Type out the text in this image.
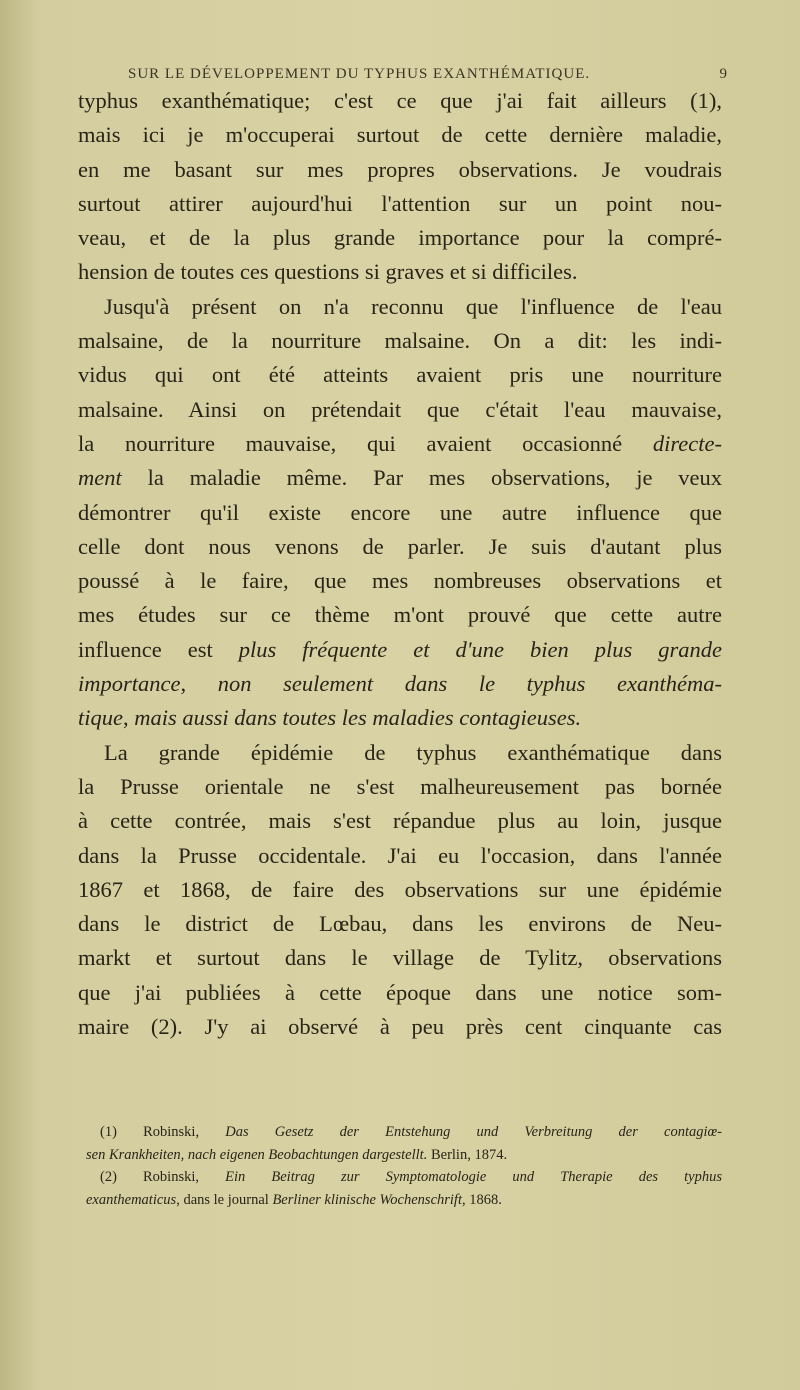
SUR LE DÉVELOPPEMENT DU TYPHUS EXANTHÉMATIQUE.	9
typhus exanthématique; c'est ce que j'ai fait ailleurs (1),
mais ici je m'occuperai surtout de cette dernière maladie,
en me basant sur mes propres observations. Je voudrais
surtout attirer aujourd'hui l'attention sur un point nou-
veau, et de la plus grande importance pour la compré-
hension de toutes ces questions si graves et si difficiles.
Jusqu'à présent on n'a reconnu que l'influence de l'eau
malsaine, de la nourriture malsaine. On a dit: les indi-
vidus qui ont été atteints avaient pris une nourriture
malsaine. Ainsi on prétendait que c'était l'eau mauvaise,
la nourriture mauvaise, qui avaient occasionné directe-
ment la maladie même. Par mes observations, je veux
démontrer qu'il existe encore une autre influence que
celle dont nous venons de parler. Je suis d'autant plus
poussé à le faire, que mes nombreuses observations et
mes études sur ce thème m'ont prouvé que cette autre
influence est plus fréquente et d'une bien plus grande
importance, non seulement dans le typhus exanthéma-
tique, mais aussi dans toutes les maladies contagieuses.
La grande épidémie de typhus exanthématique dans
la Prusse orientale ne s'est malheureusement pas bornée
à cette contrée, mais s'est répandue plus au loin, jusque
dans la Prusse occidentale. J'ai eu l'occasion, dans l'année
1867 et 1868, de faire des observations sur une épidémie
dans le district de Lœbau, dans les environs de Neu-
markt et surtout dans le village de Tylitz, observations
que j'ai publiées à cette époque dans une notice som-
maire (2). J'y ai observé à peu près cent cinquante cas
(1) Robinski, Das Gesetz der Entstehung und Verbreitung der contagiœ-
sen Krankheiten, nach eigenen Beobachtungen dargestellt. Berlin, 1874.
(2) Robinski, Ein Beitrag zur Symptomatologie und Therapie des typhus
exanthematicus, dans le journal Berliner klinische Wochenschrift, 1868.
